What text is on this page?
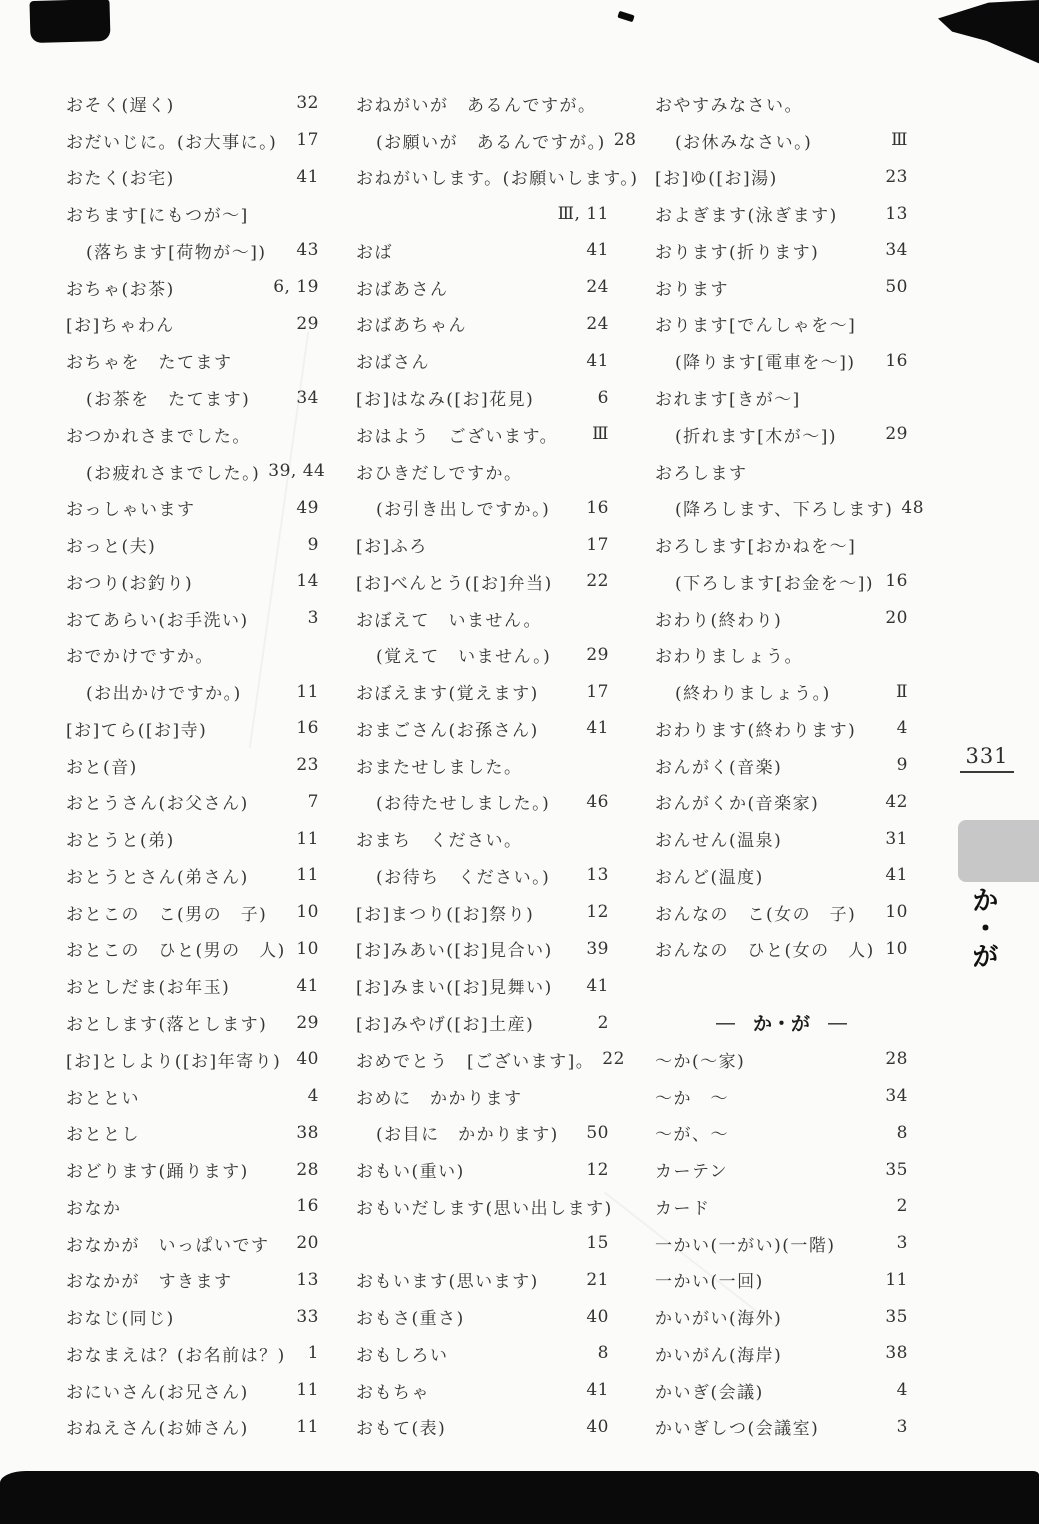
おそく(遅く)	32
おだいじに。(お大事に。)	17
おたく(お宅)	41
おちます[にもつが～]
(落ちます[荷物が～])	43
おちゃ(お茶)	6, 19
[お]ちゃわん	29
おちゃを　たてます
(お茶を　たてます)	34
おつかれさまでした。
(お疲れさまでした。) 39, 44
おっしゃいます	49
おっと(夫)	9
おつり(お釣り)	14
おてあらい(お手洗い)	3
おでかけですか。
(お出かけですか。)	11
[お]てら([お]寺)	16
おと(音)	23
おとうさん(お父さん)	7
おとうと(弟)	11
おとうとさん(弟さん)	11
おとこの　こ(男の　子)	10
おとこの　ひと(男の　人) 10
おとしだま(お年玉)	41
おとします(落とします)	29
[お]としより([お]年寄り) 40
おととい	4
おととし	38
おどります(踊ります)	28
おなか	16
おなかが　いっぱいです	20
おなかが　すきます	13
おなじ(同じ)	33
おなまえは？(お名前は？)	1
おにいさん(お兄さん)	11
おねえさん(お姉さん)	11
おねがいが　あるんですが。
(お願いが　あるんですが。) 28
おねがいします。(お願いします。)
Ⅲ, 11
おば	41
おばあさん	24
おばあちゃん	24
おばさん	41
[お]はなみ([お]花見)	6
おはよう　ございます。	Ⅲ
おひきだしですか。
(お引き出しですか。)	16
[お]ふろ	17
[お]べんとう([お]弁当)	22
おぼえて　いません。
(覚えて　いません。)	29
おぼえます(覚えます)	17
おまごさん(お孫さん)	41
おまたせしました。
(お待たせしました。)	46
おまち　ください。
(お待ち　ください。)	13
[お]まつり([お]祭り)	12
[お]みあい([お]見合い)	39
[お]みまい([お]見舞い)	41
[お]みやげ([お]土産)	2
おめでとう　[ございます]。 22
おめに　かかります
(お目に　かかります)	50
おもい(重い)	12
おもいだします(思い出します)
15
おもいます(思います)	21
おもさ(重さ)	40
おもしろい	8
おもちゃ	41
おもて(表)	40
おやすみなさい。
(お休みなさい。)	Ⅲ
[お]ゆ([お]湯)	23
およぎます(泳ぎます)	13
おります(折ります)	34
おります	50
おります[でんしゃを～]
(降ります[電車を～])	16
おれます[きが～]
(折れます[木が～])	29
おろします
(降ろします、下ろします) 48
おろします[おかねを～]
(下ろします[お金を～]) 16
おわり(終わり)	20
おわりましょう。
(終わりましょう。)	Ⅱ
おわります(終わります)	4
おんがく(音楽)	9
おんがくか(音楽家)	42
おんせん(温泉)	31
おんど(温度)	41
おんなの　こ(女の　子)	10
おんなの　ひと(女の　人) 10
― か・が ―
～か(～家)	28
～か　～	34
～が、～	8
カーテン	35
カード	2
一かい(一がい)(一階)	3
一かい(一回)	11
かいがい(海外)	35
かいがん(海岸)	38
かいぎ(会議)	4
かいぎしつ(会議室)	3
331
か・が
